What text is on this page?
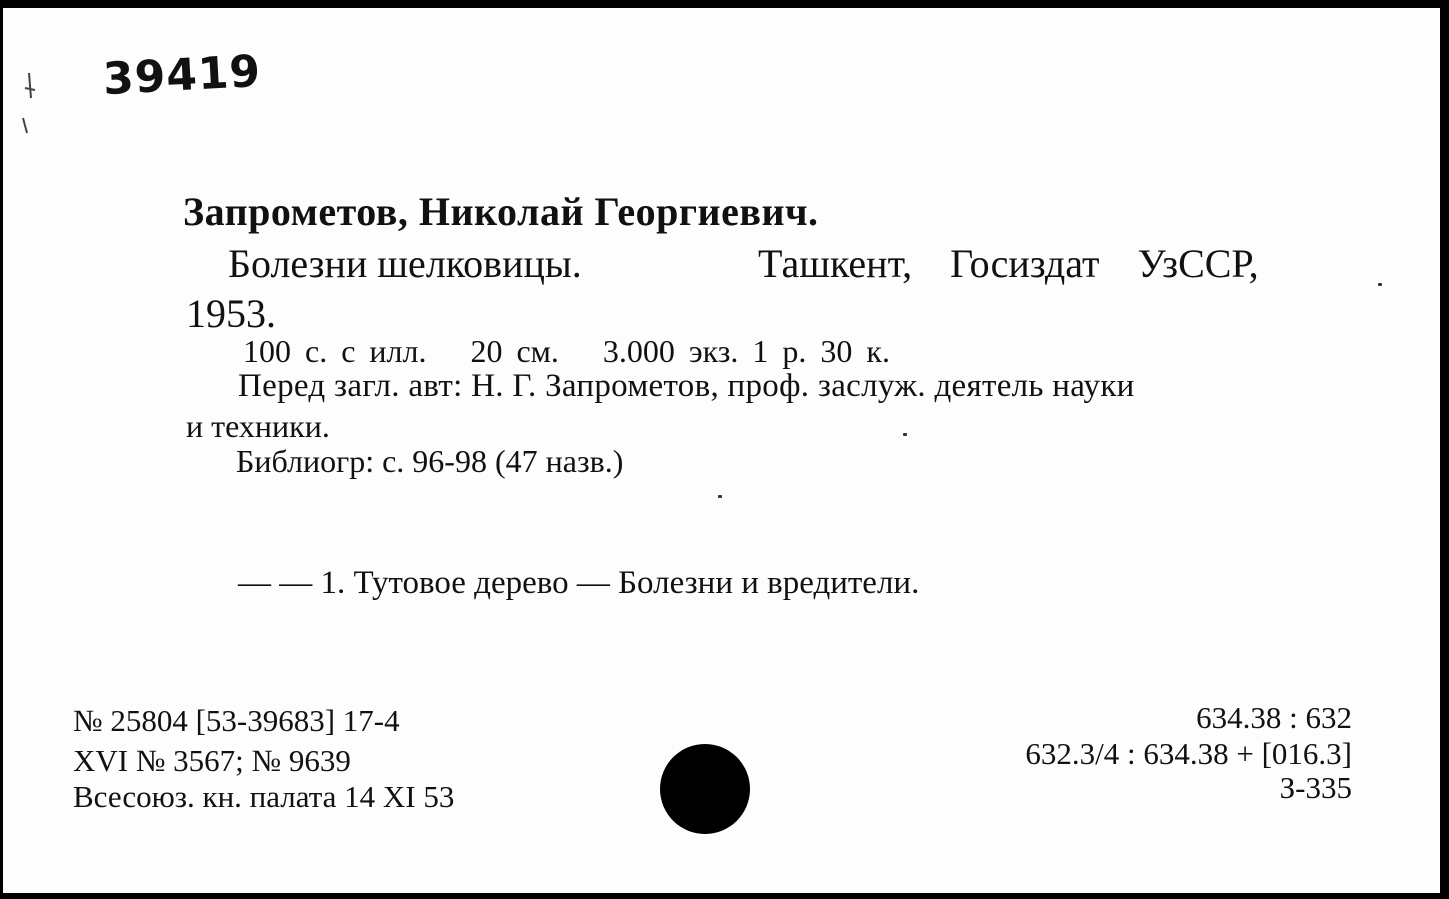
39419
Запрометов, Николай Георгиевич.
Болезни шелковицы.	Ташкент, Госиздат УзССР,
1953.
100 с. с илл. 20 см. 3.000 экз. 1 р. 30 к.
Перед загл. авт: Н. Г. Запрометов, проф. заслуж. деятель науки
и техники.
Библиогр: с. 96-98 (47 назв.)
— — 1. Тутовое дерево — Болезни и вредители.
№ 25804 [53-39683] 17-4
XVI № 3567; № 9639
Всесоюз. кн. палата 14 XI 53
634.38 : 632
632.3/4 : 634.38 + [016.3]
З-335
